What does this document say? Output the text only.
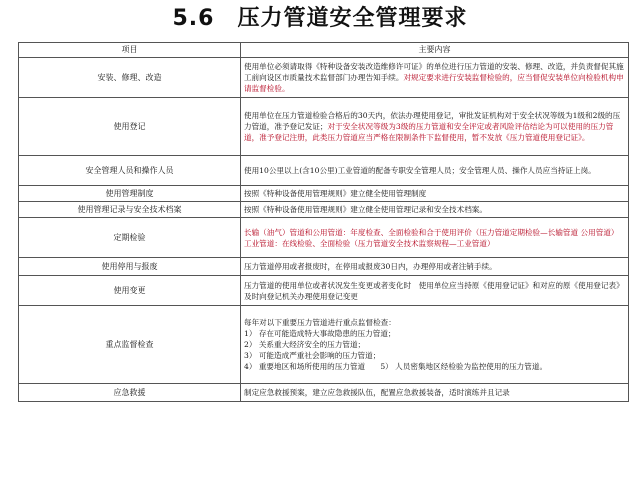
5.6　压力管道安全管理要求
项目	主要内容
安装、修理、改造	使用单位必须请取得《特种设备安装改造维修许可证》的单位进行压力管道的安装、修理、改造，并负责督促其施工前向设区市质量技术监督部门办理告知手续。对规定要求进行安装监督检验的，应当督促安装单位向检验机构申请监督检验。
使用登记	使用单位在压力管道检验合格后的30天内，依法办理使用登记，审批发证机构对于安全状况等级为1级和2级的压力管道，准予登记发证；对于安全状况等级为3级的压力管道和安全评定或者风险评估结论为可以使用的压力管道，准予登记注册，此类压力管道应当严格在限制条件下监督使用，暂不发放《压力管道使用登记证》。
安全管理人员和操作人员	使用10公里以上(含10公里)工业管道的配备专职安全管理人员；安全管理人员、操作人员应当持证上岗。
使用管理制度	按照《特种设备使用管理规则》建立健全使用管理制度
使用管理记录与安全技术档案	按照《特种设备使用管理规则》建立健全使用管理记录和安全技术档案。
定期检验	长输（油气）管道和公用管道：年度检查、全面检验和合于使用评价（压力管道定期检验—长输管道 公用管道）工业管道：在线检验、全面检验（压力管道安全技术监察规程—工业管道）
使用停用与报废	压力管道停用或者报废时，在停用或报废30日内，办理停用或者注销手续。
使用变更	压力管道的使用单位或者状况发生变更或者变化时　使用单位应当持原《使用登记证》和对应的原《使用登记表》及时向登记机关办理使用登记变更
重点监督检查	每年对以下重要压力管道进行重点监督检查：
1） 存在可能造成特大事故隐患的压力管道；
2） 关系重大经济安全的压力管道；
3） 可能造成严重社会影响的压力管道；
4） 重要地区和场所使用的压力管道　　5） 人员密集地区经检验为监控使用的压力管道。

应急救援	制定应急救援预案，建立应急救援队伍，配置应急救援装备，适时演练并且记录
